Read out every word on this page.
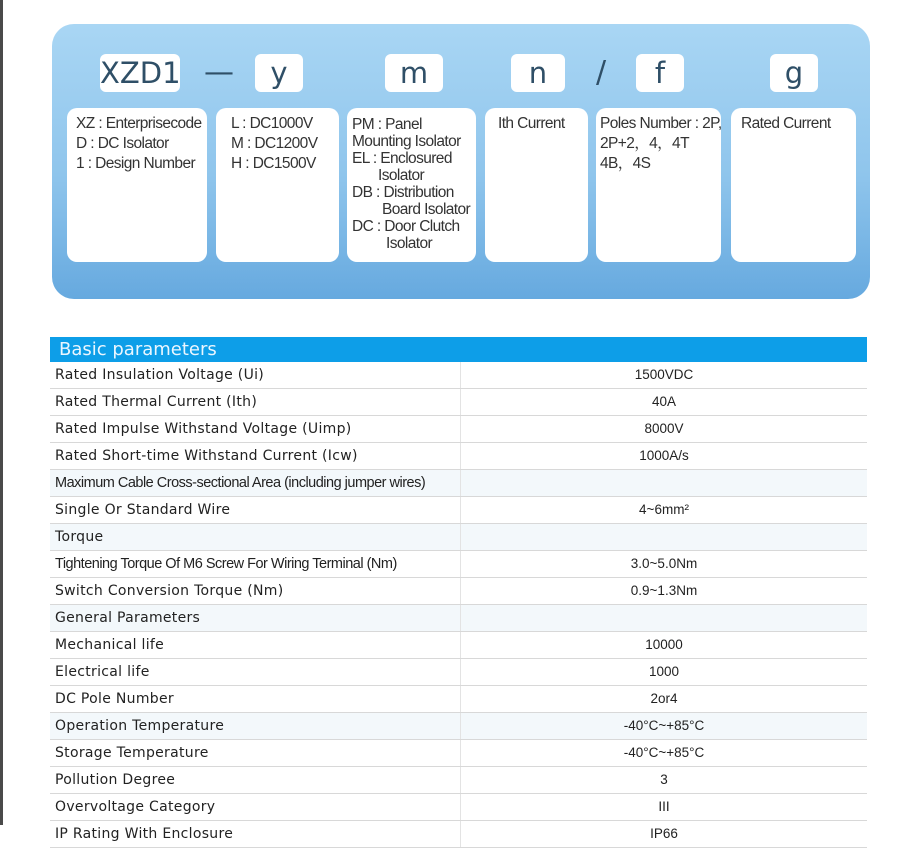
XZD1 —	y	m	n	/	f	g
XZ : Enterprisecode
D : DC Isolator
1 : Design Number
L : DC1000V
M : DC1200V
H : DC1500V
PM : Panel
Mounting Isolator
EL : Enclosured
Isolator
DB : Distribution
Board Isolator
DC : Door Clutch
Isolator
Ith Current	Poles Number : 2P,
2P+2，4，4T
4B，4S
Rated Current
Basic parameters
Rated Insulation Voltage (Ui)	1500VDC
Rated Thermal Current (Ith)	40A
Rated Impulse Withstand Voltage (Uimp)	8000V
Rated Short-time Withstand Current (Icw)	1000A/s
Maximum Cable Cross-sectional Area (including jumper wires)
Single Or Standard Wire	4~6mm²
Torque
Tightening Torque Of M6 Screw For Wiring Terminal (Nm)	3.0~5.0Nm
Switch Conversion Torque (Nm)	0.9~1.3Nm
General Parameters
Mechanical life	10000
Electrical life	1000
DC Pole Number	2or4
Operation Temperature	-40°C~+85°C
Storage Temperature	-40°C~+85°C
Pollution Degree	3
Overvoltage Category	III
IP Rating With Enclosure	IP66
